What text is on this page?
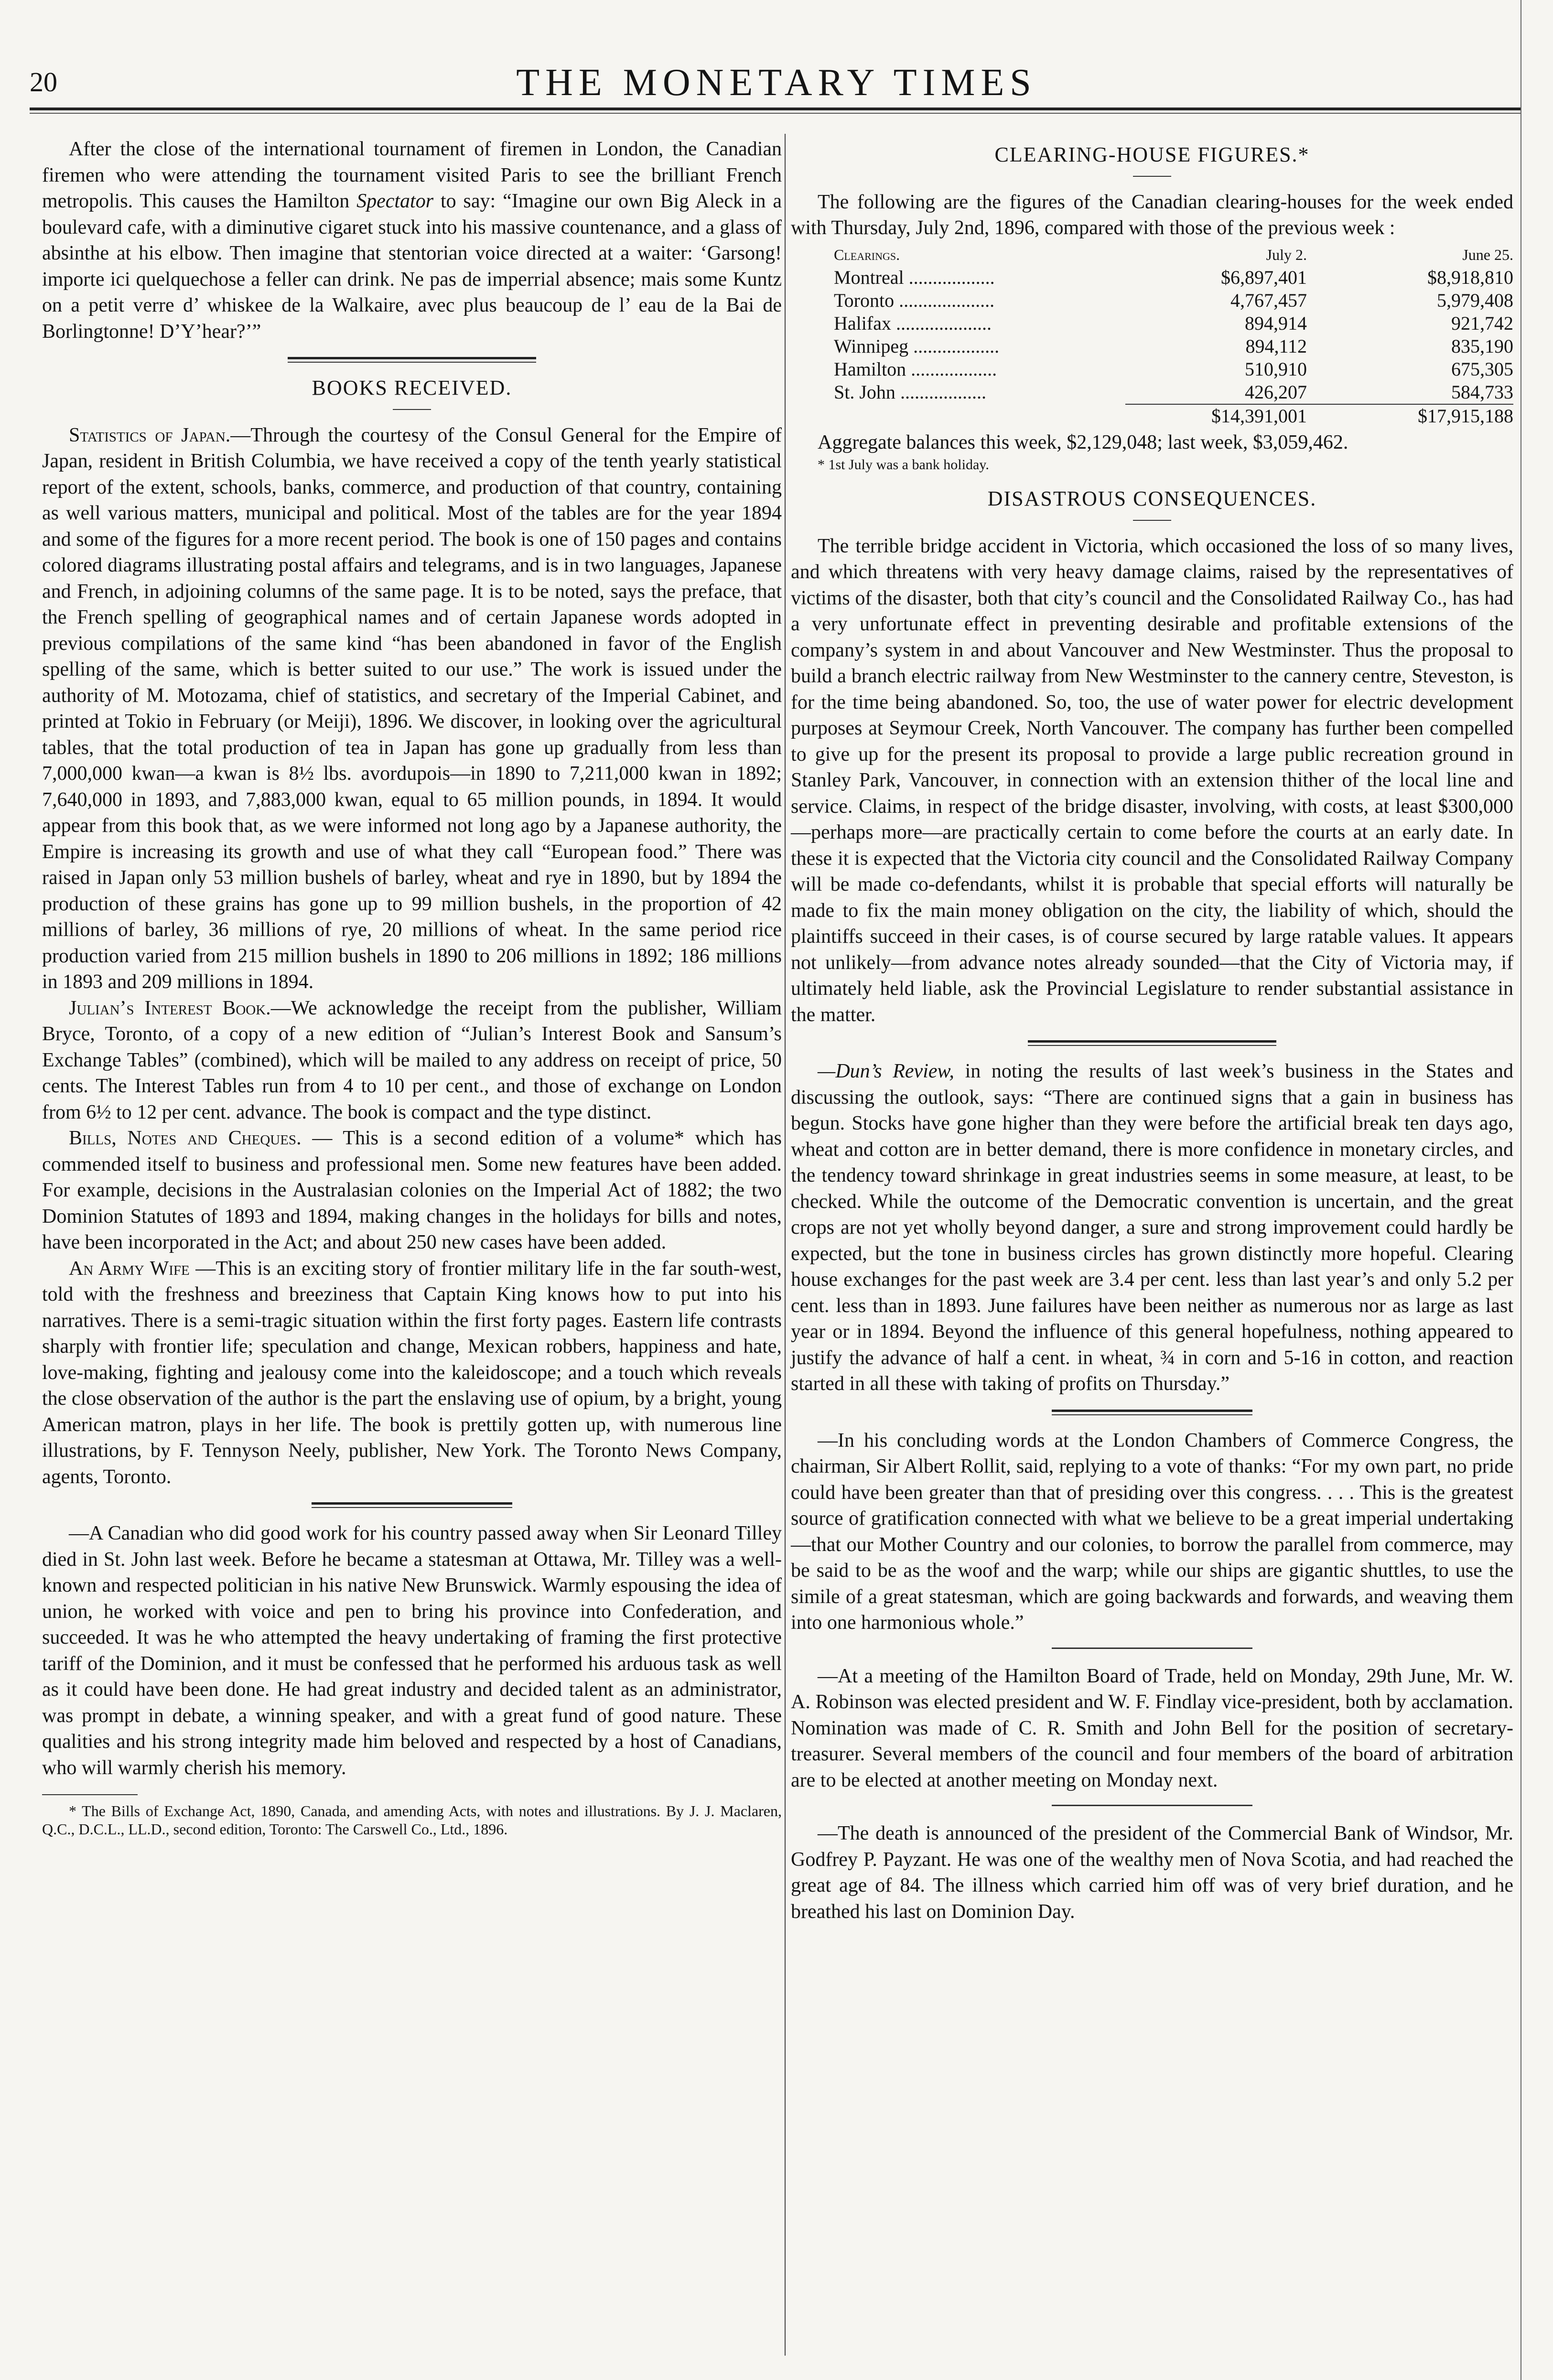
20	THE MONETARY TIMES

After the close of the international tournament of firemen in London, the Canadian firemen who were attending the tournament visited Paris to see the brilliant French metropolis. This causes the Hamilton Spectator to say: “Imagine our own Big Aleck in a boulevard cafe, with a diminutive cigaret stuck into his massive countenance, and a glass of absinthe at his elbow. Then imagine that stentorian voice directed at a waiter: ‘Garsong! importe ici quelquechose a feller can drink. Ne pas de imperrial absence; mais some Kuntz on a petit verre d’ whiskee de la Walkaire, avec plus beaucoup de l’ eau de la Bai de Borlingtonne! D’Y’hear?’”

BOOKS RECEIVED.

Statistics of Japan.—Through the courtesy of the Consul General for the Empire of Japan, resident in British Columbia, we have received a copy of the tenth yearly statistical report of the extent, schools, banks, commerce, and production of that country, containing as well various matters, municipal and political. Most of the tables are for the year 1894 and some of the figures for a more recent period. The book is one of 150 pages and contains colored diagrams illustrating postal affairs and telegrams, and is in two languages, Japanese and French, in adjoining columns of the same page. It is to be noted, says the preface, that the French spelling of geographical names and of certain Japanese words adopted in previous compilations of the same kind “has been abandoned in favor of the English spelling of the same, which is better suited to our use.” The work is issued under the authority of M. Motozama, chief of statistics, and secretary of the Imperial Cabinet, and printed at Tokio in February (or Meiji), 1896. We discover, in looking over the agricultural tables, that the total production of tea in Japan has gone up gradually from less than 7,000,000 kwan—a kwan is 8½ lbs. avordupois—in 1890 to 7,211,000 kwan in 1892; 7,640,000 in 1893, and 7,883,000 kwan, equal to 65 million pounds, in 1894. It would appear from this book that, as we were informed not long ago by a Japanese authority, the Empire is increasing its growth and use of what they call “European food.” There was raised in Japan only 53 million bushels of barley, wheat and rye in 1890, but by 1894 the production of these grains has gone up to 99 million bushels, in the proportion of 42 millions of barley, 36 millions of rye, 20 millions of wheat. In the same period rice production varied from 215 million bushels in 1890 to 206 millions in 1892; 186 millions in 1893 and 209 millions in 1894.

Julian’s Interest Book.—We acknowledge the receipt from the publisher, William Bryce, Toronto, of a copy of a new edition of “Julian’s Interest Book and Sansum’s Exchange Tables” (combined), which will be mailed to any address on receipt of price, 50 cents. The Interest Tables run from 4 to 10 per cent., and those of exchange on London from 6½ to 12 per cent. advance. The book is compact and the type distinct.

Bills, Notes and Cheques. — This is a second edition of a volume* which has commended itself to business and professional men. Some new features have been added. For example, decisions in the Australasian colonies on the Imperial Act of 1882; the two Dominion Statutes of 1893 and 1894, making changes in the holidays for bills and notes, have been incorporated in the Act; and about 250 new cases have been added.

An Army Wife —This is an exciting story of frontier military life in the far south-west, told with the freshness and breeziness that Captain King knows how to put into his narratives. There is a semi-tragic situation within the first forty pages. Eastern life contrasts sharply with frontier life; speculation and change, Mexican robbers, happiness and hate, love-making, fighting and jealousy come into the kaleidoscope; and a touch which reveals the close observation of the author is the part the enslaving use of opium, by a bright, young American matron, plays in her life. The book is prettily gotten up, with numerous line illustrations, by F. Tennyson Neely, publisher, New York. The Toronto News Company, agents, Toronto.

—A Canadian who did good work for his country passed away when Sir Leonard Tilley died in St. John last week. Before he became a statesman at Ottawa, Mr. Tilley was a well-known and respected politician in his native New Brunswick. Warmly espousing the idea of union, he worked with voice and pen to bring his province into Confederation, and succeeded. It was he who attempted the heavy undertaking of framing the first protective tariff of the Dominion, and it must be confessed that he performed his arduous task as well as it could have been done. He had great industry and decided talent as an administrator, was prompt in debate, a winning speaker, and with a great fund of good nature. These qualities and his strong integrity made him beloved and respected by a host of Canadians, who will warmly cherish his memory.

* The Bills of Exchange Act, 1890, Canada, and amending Acts, with notes and illustrations. By J. J. Maclaren, Q.C., D.C.L., LL.D., second edition, Toronto: The Carswell Co., Ltd., 1896.

CLEARING-HOUSE FIGURES.*

The following are the figures of the Canadian clearing-houses for the week ended with Thursday, July 2nd, 1896, compared with those of the previous week :

Clearings.	July 2.	June 25.
Montreal ..................	$6,897,401	$8,918,810
Toronto ....................	4,767,457	5,979,408
Halifax ....................	894,914	921,742
Winnipeg ..................	894,112	835,190
Hamilton ..................	510,910	675,305
St. John ..................	426,207	584,733
	$14,391,001	$17,915,188

Aggregate balances this week, $2,129,048; last week, $3,059,462.

* 1st July was a bank holiday.

DISASTROUS CONSEQUENCES.

The terrible bridge accident in Victoria, which occasioned the loss of so many lives, and which threatens with very heavy damage claims, raised by the representatives of victims of the disaster, both that city’s council and the Consolidated Railway Co., has had a very unfortunate effect in preventing desirable and profitable extensions of the company’s system in and about Vancouver and New Westminster. Thus the proposal to build a branch electric railway from New Westminster to the cannery centre, Steveston, is for the time being abandoned. So, too, the use of water power for electric development purposes at Seymour Creek, North Vancouver. The company has further been compelled to give up for the present its proposal to provide a large public recreation ground in Stanley Park, Vancouver, in connection with an extension thither of the local line and service. Claims, in respect of the bridge disaster, involving, with costs, at least $300,000 —perhaps more—are practically certain to come before the courts at an early date. In these it is expected that the Victoria city council and the Consolidated Railway Company will be made co-defendants, whilst it is probable that special efforts will naturally be made to fix the main money obligation on the city, the liability of which, should the plaintiffs succeed in their cases, is of course secured by large ratable values. It appears not unlikely—from advance notes already sounded—that the City of Victoria may, if ultimately held liable, ask the Provincial Legislature to render substantial assistance in the matter.

—Dun’s Review, in noting the results of last week’s business in the States and discussing the outlook, says: “There are continued signs that a gain in business has begun. Stocks have gone higher than they were before the artificial break ten days ago, wheat and cotton are in better demand, there is more confidence in monetary circles, and the tendency toward shrinkage in great industries seems in some measure, at least, to be checked. While the outcome of the Democratic convention is uncertain, and the great crops are not yet wholly beyond danger, a sure and strong improvement could hardly be expected, but the tone in business circles has grown distinctly more hopeful. Clearing house exchanges for the past week are 3.4 per cent. less than last year’s and only 5.2 per cent. less than in 1893. June failures have been neither as numerous nor as large as last year or in 1894. Beyond the influence of this general hopefulness, nothing appeared to justify the advance of half a cent. in wheat, ¾ in corn and 5-16 in cotton, and reaction started in all these with taking of profits on Thursday.”

—In his concluding words at the London Chambers of Commerce Congress, the chairman, Sir Albert Rollit, said, replying to a vote of thanks: “For my own part, no pride could have been greater than that of presiding over this congress. . . . This is the greatest source of gratification connected with what we believe to be a great imperial undertaking—that our Mother Country and our colonies, to borrow the parallel from commerce, may be said to be as the woof and the warp; while our ships are gigantic shuttles, to use the simile of a great statesman, which are going backwards and forwards, and weaving them into one harmonious whole.”

—At a meeting of the Hamilton Board of Trade, held on Monday, 29th June, Mr. W. A. Robinson was elected president and W. F. Findlay vice-president, both by acclamation. Nomination was made of C. R. Smith and John Bell for the position of secretary-treasurer. Several members of the council and four members of the board of arbitration are to be elected at another meeting on Monday next.

—The death is announced of the president of the Commercial Bank of Windsor, Mr. Godfrey P. Payzant. He was one of the wealthy men of Nova Scotia, and had reached the great age of 84. The illness which carried him off was of very brief duration, and he breathed his last on Dominion Day.
